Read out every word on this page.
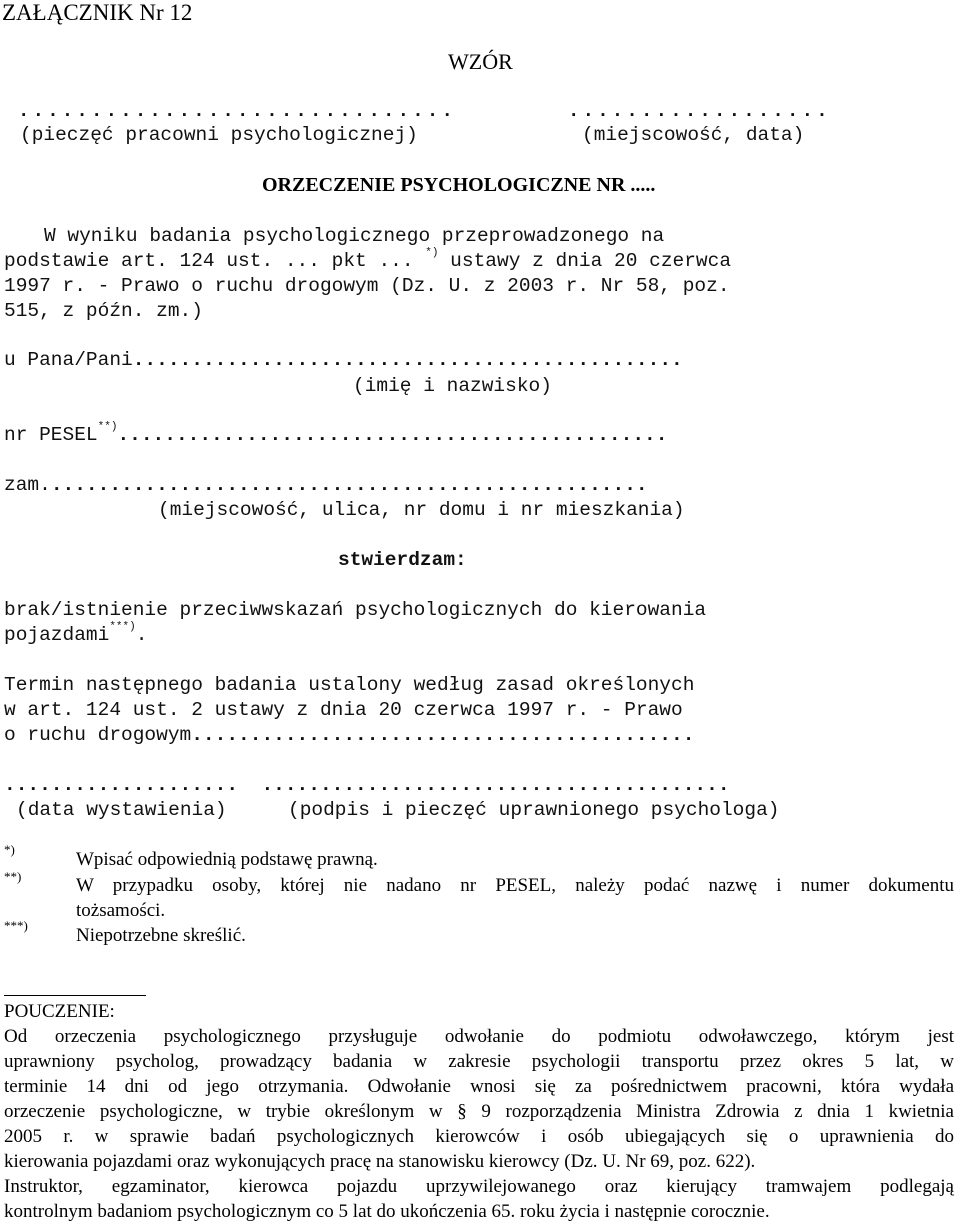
ZAŁĄCZNIK Nr 12
WZÓR
..............................
(pieczęć pracowni psychologicznej)
..................
(miejscowość, data)
ORZECZENIE PSYCHOLOGICZNE NR .....
W wyniku badania psychologicznego przeprowadzonego na
podstawie art. 124 ust. ... pkt ... *) ustawy z dnia 20 czerwca
1997 r. - Prawo o ruchu drogowym (Dz. U. z 2003 r. Nr 58, poz.
515, z późn. zm.)
u Pana/Pani...............................................
(imię i nazwisko)
nr PESEL**)...............................................
zam....................................................
(miejscowość, ulica, nr domu i nr mieszkania)
stwierdzam:
brak/istnienie przeciwwskazań psychologicznych do kierowania
pojazdami***).
Termin następnego badania ustalony według zasad określonych
w art. 124 ust. 2 ustawy z dnia 20 czerwca 1997 r. - Prawo
o ruchu drogowym...........................................
....................  ........................................
(data wystawienia)	(podpis i pieczęć uprawnionego psychologa)
*)	Wpisać odpowiednią podstawę prawną.
**)	W przypadku osoby, której nie nadano nr PESEL, należy podać nazwę i numer dokumentu
tożsamości.
***)	Niepotrzebne skreślić.
POUCZENIE:
Od orzeczenia psychologicznego przysługuje odwołanie do podmiotu odwoławczego, którym jest
uprawniony psycholog, prowadzący badania w zakresie psychologii transportu przez okres 5 lat, w
terminie 14 dni od jego otrzymania. Odwołanie wnosi się za pośrednictwem pracowni, która wydała
orzeczenie psychologiczne, w trybie określonym w § 9 rozporządzenia Ministra Zdrowia z dnia 1 kwietnia
2005 r. w sprawie badań psychologicznych kierowców i osób ubiegających się o uprawnienia do
kierowania pojazdami oraz wykonujących pracę na stanowisku kierowcy (Dz. U. Nr 69, poz. 622).
Instruktor, egzaminator, kierowca pojazdu uprzywilejowanego oraz kierujący tramwajem podlegają
kontrolnym badaniom psychologicznym co 5 lat do ukończenia 65. roku życia i następnie corocznie.
